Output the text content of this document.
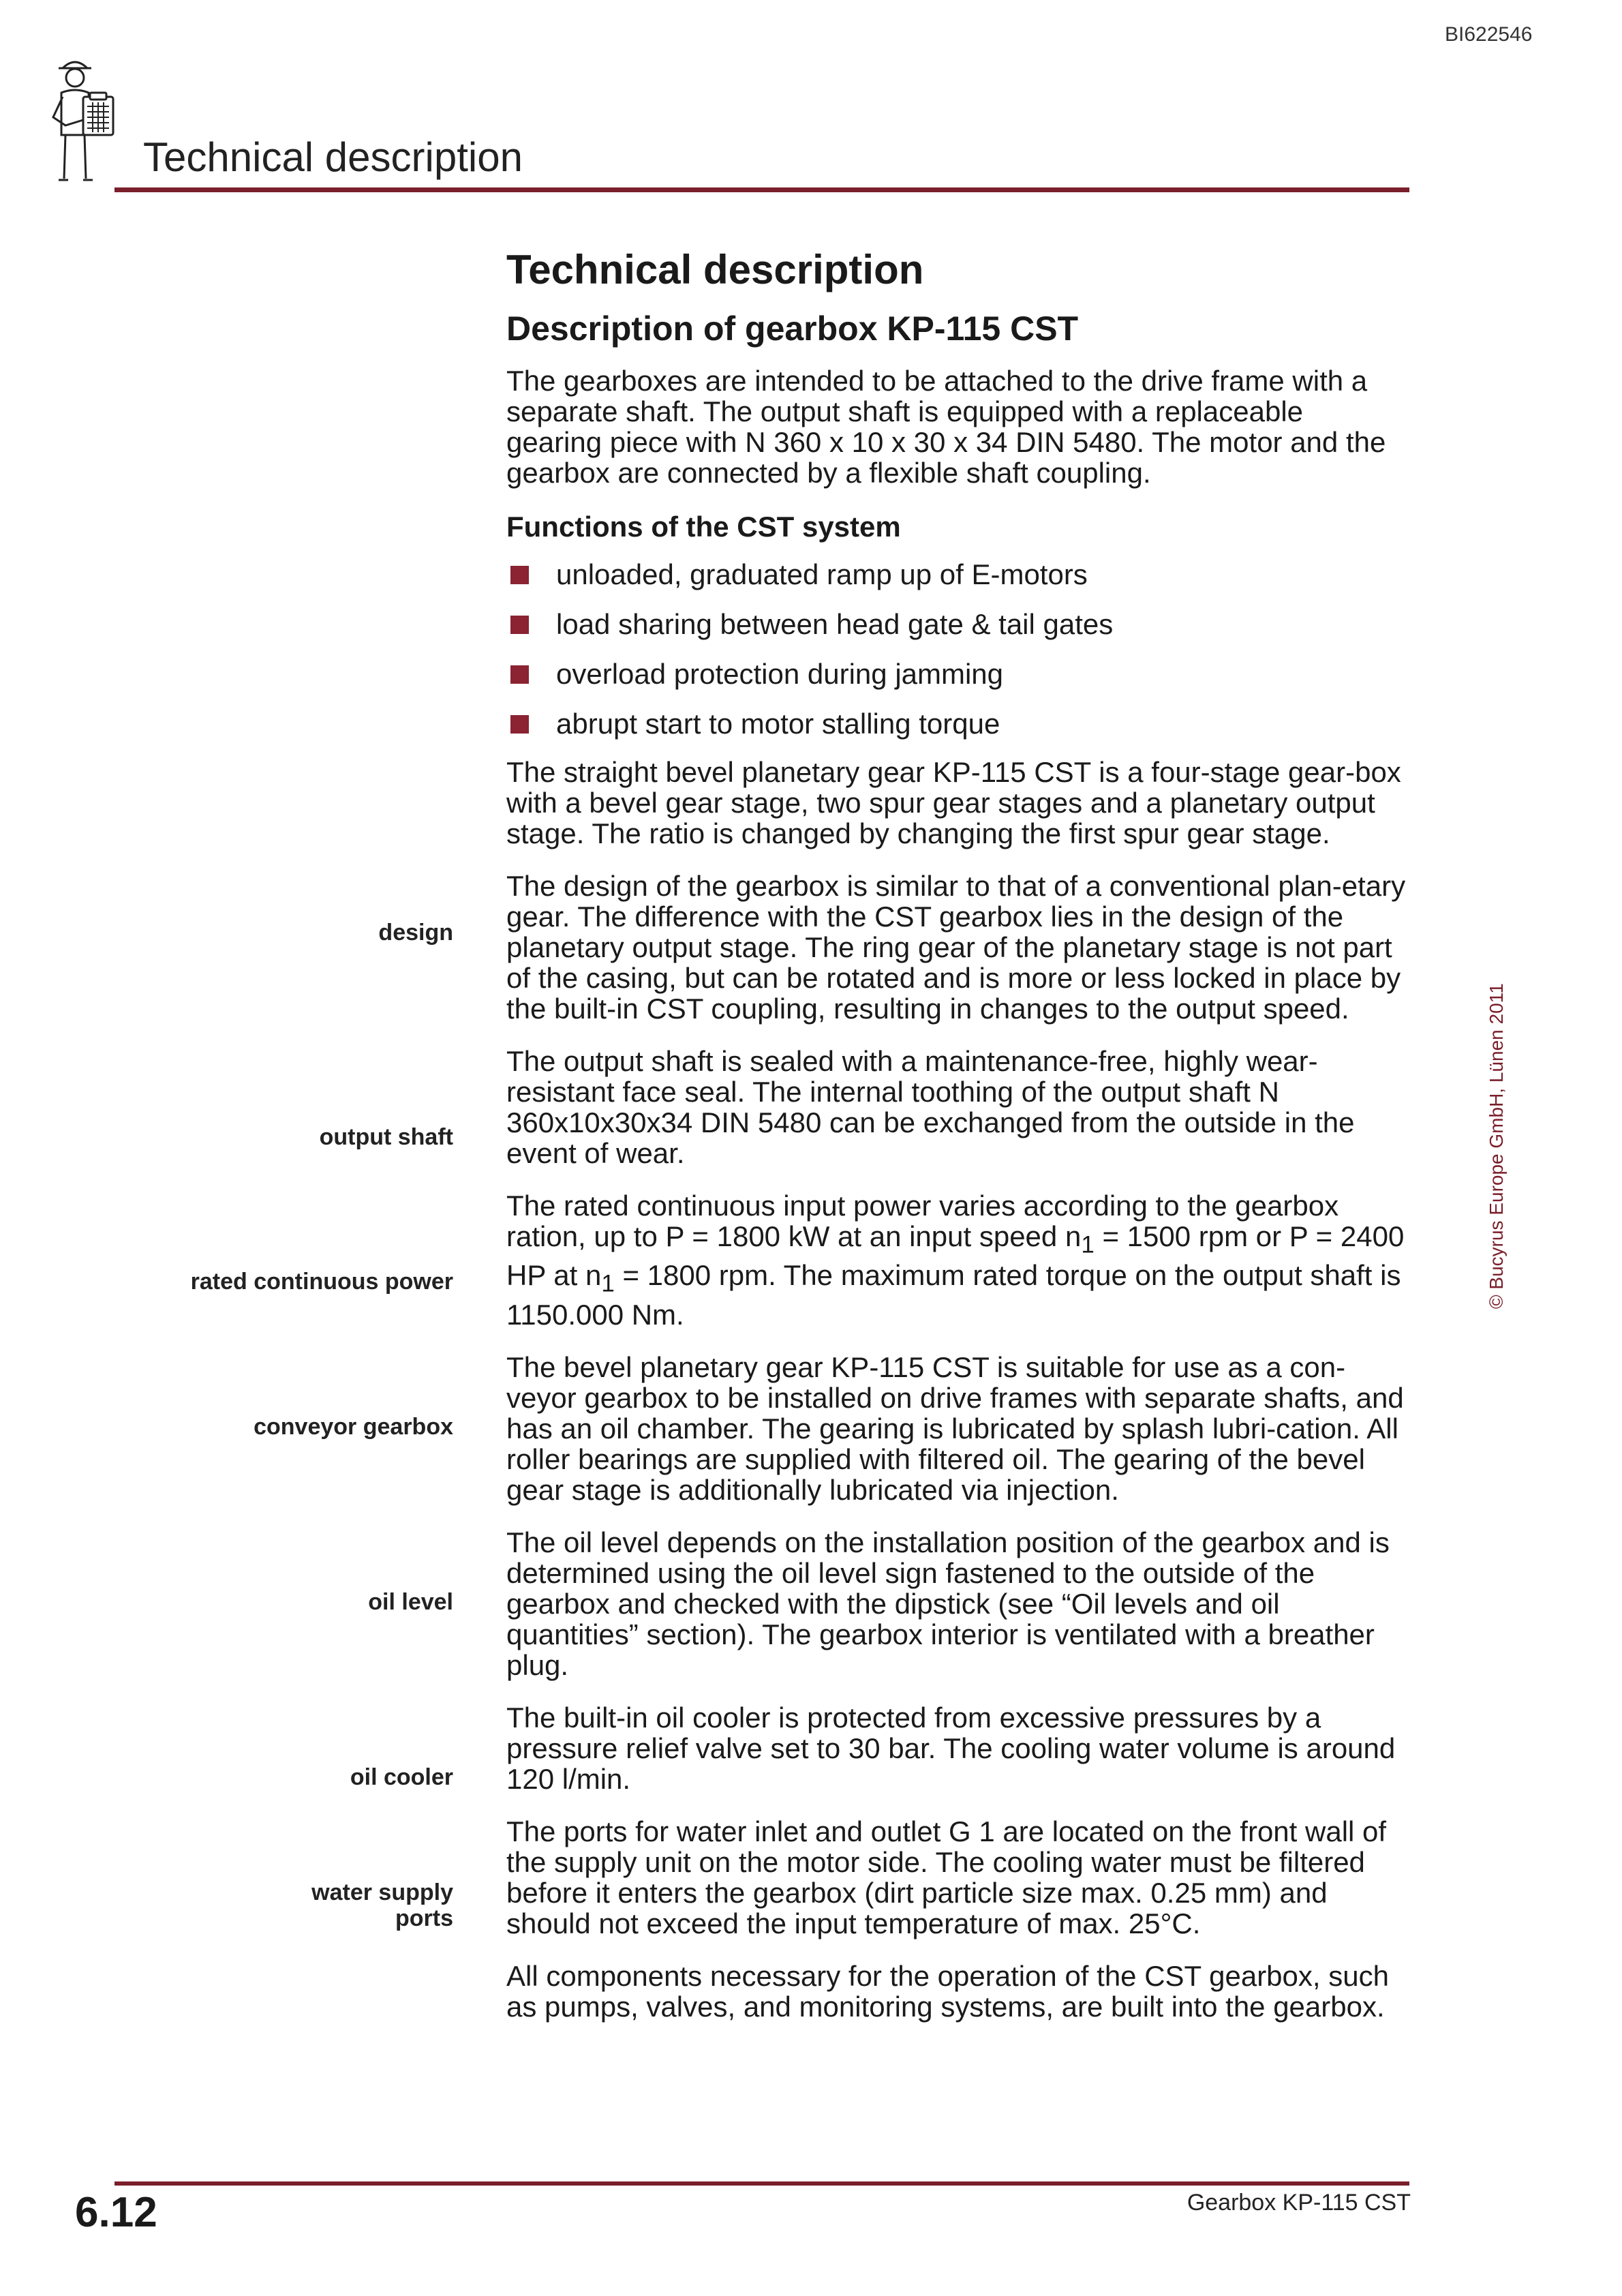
BI622546
Technical description
Technical description
Description of gearbox KP-115 CST

The gearboxes are intended to be attached to the drive frame with a separate shaft. The output shaft is equipped with a replaceable gearing piece with N 360 x 10 x 30 x 34 DIN 5480. The motor and the gearbox are connected by a flexible shaft coupling.

Functions of the CST system
unloaded, graduated ramp up of E-motors
load sharing between head gate & tail gates
overload protection during jamming
abrupt start to motor stalling torque

The straight bevel planetary gear KP-115 CST is a four-stage gear-box with a bevel gear stage, two spur gear stages and a planetary output stage. The ratio is changed by changing the first spur gear stage.

The design of the gearbox is similar to that of a conventional plan-etary gear. The difference with the CST gearbox lies in the design of the planetary output stage. The ring gear of the planetary stage is not part of the casing, but can be rotated and is more or less locked in place by the built-in CST coupling, resulting in changes to the output speed.

The output shaft is sealed with a maintenance-free, highly wear-resistant face seal. The internal toothing of the output shaft N 360x10x30x34 DIN 5480 can be exchanged from the outside in the event of wear.

The rated continuous input power varies according to the gearbox ration, up to P = 1800 kW at an input speed $n_1 = 1500$ rpm or P = 2400 HP at $n_1 = 1800$ rpm. The maximum rated torque on the output shaft is 1150.000 Nm.

The bevel planetary gear KP-115 CST is suitable for use as a con-veyor gearbox to be installed on drive frames with separate shafts, and has an oil chamber. The gearing is lubricated by splash lubri-cation. All roller bearings are supplied with filtered oil. The gearing of the bevel gear stage is additionally lubricated via injection.

The oil level depends on the installation position of the gearbox and is determined using the oil level sign fastened to the outside of the gearbox and checked with the dipstick (see “Oil levels and oil quantities” section). The gearbox interior is ventilated with a breather plug.

The built-in oil cooler is protected from excessive pressures by a pressure relief valve set to 30 bar. The cooling water volume is around 120 l/min.

The ports for water inlet and outlet G 1 are located on the front wall of the supply unit on the motor side. The cooling water must be filtered before it enters the gearbox (dirt particle size max. 0.25 mm) and should not exceed the input temperature of max. 25°C.

All components necessary for the operation of the CST gearbox, such as pumps, valves, and monitoring systems, are built into the gearbox.

design
output shaft
rated continuous power
conveyor gearbox
oil level
oil cooler
water supply
ports
© Bucyrus Europe GmbH, Lünen 2011
6.12	Gearbox KP-115 CST
